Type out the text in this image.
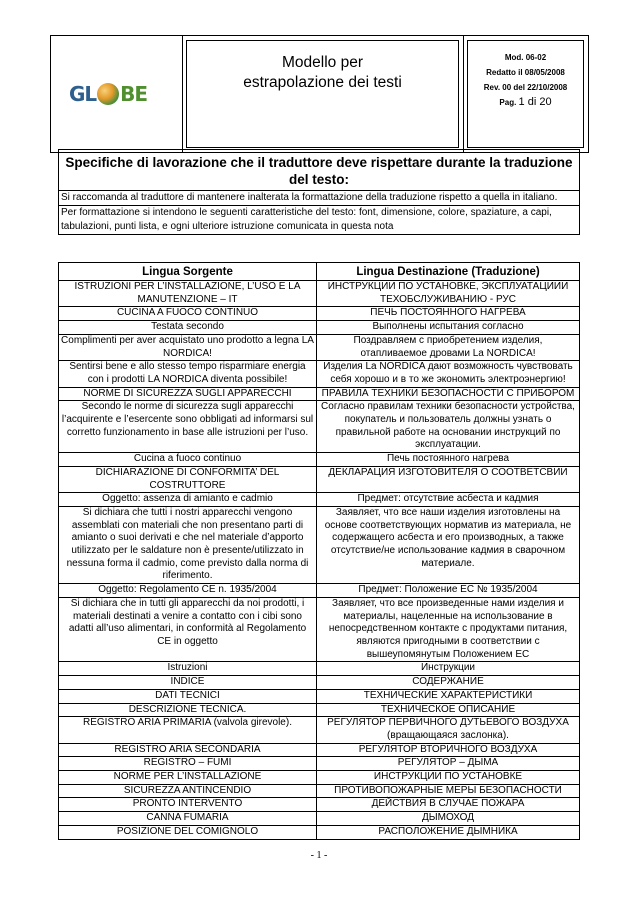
GL BE
Modello per
estrapolazione dei testi
Mod. 06-02
Redatto il 08/05/2008
Rev. 00 del 22/10/2008
Pag. 1 di 20
Specifiche di lavorazione che il traduttore deve rispettare durante la traduzione del testo:
Si raccomanda al traduttore di mantenere inalterata la formattazione della traduzione rispetto a quella in italiano.
Per formattazione si intendono le seguenti caratteristiche del testo: font, dimensione, colore, spaziature, a capi, tabulazioni, punti lista, e ogni ulteriore istruzione comunicata in questa nota
Lingua Sorgente	Lingua Destinazione (Traduzione)
ISTRUZIONI PER L’INSTALLAZIONE, L’USO E LA MANUTENZIONE – IT	ИНСТРУКЦИИ ПО УСТАНОВКЕ, ЭКСПЛУАТАЦИИИ ТЕХОБСЛУЖИВАНИЮ - РУС
CUCINA A FUOCO CONTINUO	ПЕЧЬ ПОСТОЯННОГО НАГРЕВА
Testata secondo	Выполнены испытания согласно
Complimenti per aver acquistato uno prodotto a legna LA NORDICA!	Поздравляем с приобретением изделия, отапливаемое дровами La NORDICA!
Sentirsi bene e allo stesso tempo risparmiare energia con i prodotti LA NORDICA diventa possibile!	Изделия La NORDICA дают возможность чувствовать себя хорошо и в то же экономить электроэнергию!
NORME DI SICUREZZA SUGLI APPARECCHI	ПРАВИЛА ТЕХНИКИ БЕЗОПАСНОСТИ С ПРИБОРОМ
Secondo le norme di sicurezza sugli apparecchi l’acquirente e l’esercente sono obbligati ad informarsi sul corretto funzionamento in base alle istruzioni per l’uso.	Согласно правилам техники безопасности устройства, покупатель и пользователь должны узнать о правильной работе на основании инструкций по эксплуатации.
Cucina a fuoco continuo	Печь постоянного нагрева
DICHIARAZIONE DI CONFORMITA’ DEL COSTRUTTORE	ДЕКЛАРАЦИЯ ИЗГОТОВИТЕЛЯ О СООТВЕТСВИИ
Oggetto: assenza di amianto e cadmio	Предмет: отсутствие асбеста и кадмия
Si dichiara che tutti i nostri apparecchi vengono assemblati con materiali che non presentano parti di amianto o suoi derivati e che nel materiale d’apporto utilizzato per le saldature non è presente/utilizzato in nessuna forma il cadmio, come previsto dalla norma di riferimento.	Заявляет, что все наши изделия изготовлены на основе соответствующих норматив из материала, не содержащего асбеста и его производных, а также отсутствие/не использование кадмия в сварочном материале.
Oggetto: Regolamento CE n. 1935/2004	Предмет: Положение ЕС № 1935/2004
Si dichiara che in tutti gli apparecchi da noi prodotti, i materiali destinati a venire a contatto con i cibi sono adatti all’uso alimentari, in conformità al Regolamento CE in oggetto	Заявляет, что все произведенные нами изделия и материалы, нацеленные на использование в непосредственном контакте с продуктами питания, являются пригодными в соответствии с вышеупомянутым Положением ЕС
Istruzioni	Инструкции
INDICE	СОДЕРЖАНИЕ
DATI TECNICI	ТЕХНИЧЕСКИЕ ХАРАКТЕРИСТИКИ
DESCRIZIONE TECNICA.	ТЕХНИЧЕСКОЕ ОПИСАНИЕ
REGISTRO ARIA PRIMARIA (valvola girevole).	РЕГУЛЯТОР ПЕРВИЧНОГО ДУТЬЕВОГО ВОЗДУХА (вращающаяся заслонка).
REGISTRO ARIA SECONDARIA	РЕГУЛЯТОР ВТОРИЧНОГО ВОЗДУХА
REGISTRO – FUMI	РЕГУЛЯТОР – ДЫМА
NORME PER L’INSTALLAZIONE	ИНСТРУКЦИИ ПО УСТАНОВКЕ
SICUREZZA ANTINCENDIO	ПРОТИВОПОЖАРНЫЕ МЕРЫ БЕЗОПАСНОСТИ
PRONTO INTERVENTO	ДЕЙСТВИЯ В СЛУЧАЕ ПОЖАРА
CANNA FUMARIA	ДЫМОХОД
POSIZIONE DEL COMIGNOLO	РАСПОЛОЖЕНИЕ ДЫМНИКА
- 1 -
